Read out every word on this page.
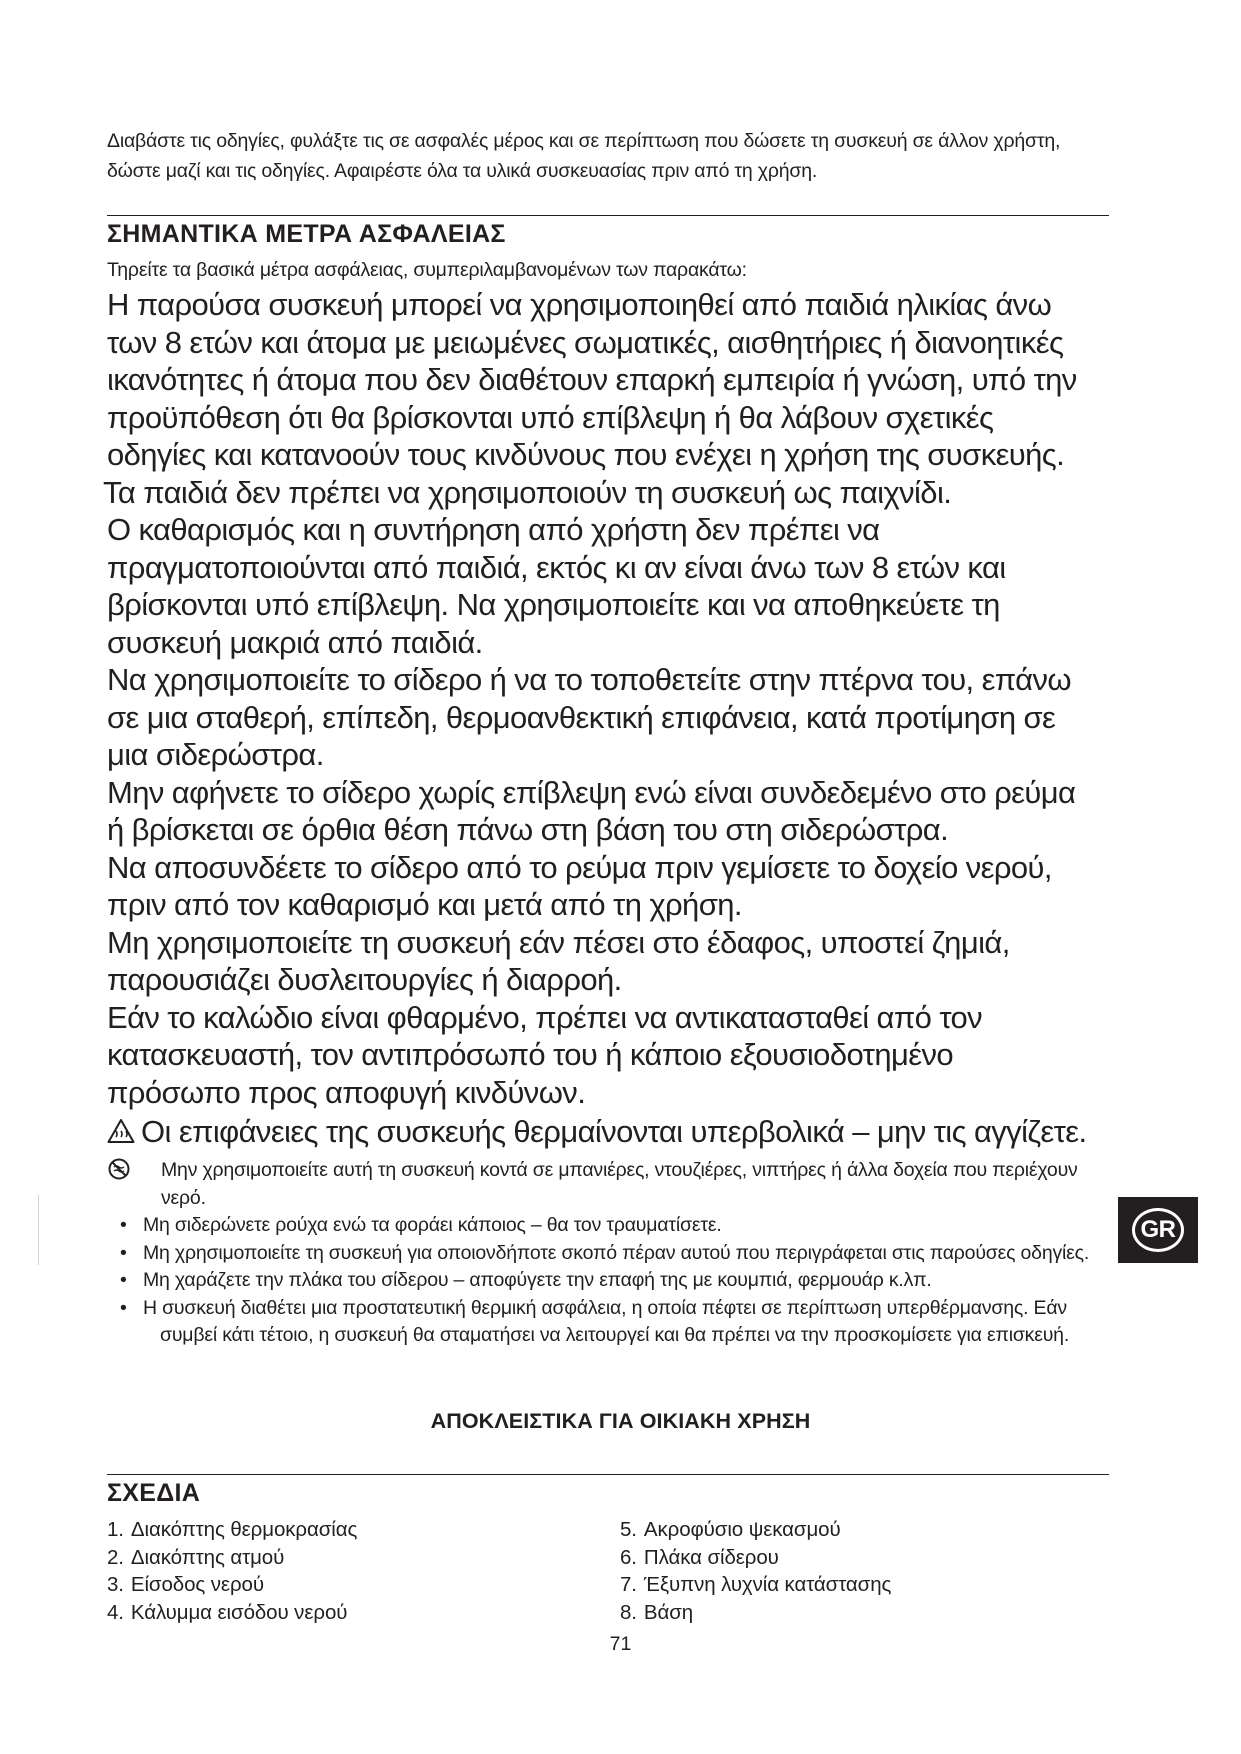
Διαβάστε τις οδηγίες, φυλάξτε τις σε ασφαλές μέρος και σε περίπτωση που δώσετε τη συσκευή σε άλλον χρήστη, δώστε μαζί και τις οδηγίες. Αφαιρέστε όλα τα υλικά συσκευασίας πριν από τη χρήση.
ΣΗΜΑΝΤΙΚΑ ΜΕΤΡΑ ΑΣΦΑΛΕΙΑΣ
Τηρείτε τα βασικά μέτρα ασφάλειας, συμπεριλαμβανομένων των παρακάτω:
Η παρούσα συσκευή μπορεί να χρησιμοποιηθεί από παιδιά ηλικίας άνω
των 8 ετών και άτομα με μειωμένες σωματικές, αισθητήριες ή διανοητικές
ικανότητες ή άτομα που δεν διαθέτουν επαρκή εμπειρία ή γνώση, υπό την
προϋπόθεση ότι θα βρίσκονται υπό επίβλεψη ή θα λάβουν σχετικές
οδηγίες και κατανοούν τους κινδύνους που ενέχει η χρήση της συσκευής.
Τα παιδιά δεν πρέπει να χρησιμοποιούν τη συσκευή ως παιχνίδι.
Ο καθαρισμός και η συντήρηση από χρήστη δεν πρέπει να
πραγματοποιούνται από παιδιά, εκτός κι αν είναι άνω των 8 ετών και
βρίσκονται υπό επίβλεψη. Να χρησιμοποιείτε και να αποθηκεύετε τη
συσκευή μακριά από παιδιά.
Να χρησιμοποιείτε το σίδερο ή να το τοποθετείτε στην πτέρνα του, επάνω
σε μια σταθερή, επίπεδη, θερμοανθεκτική επιφάνεια, κατά προτίμηση σε
μια σιδερώστρα.
Μην αφήνετε το σίδερο χωρίς επίβλεψη ενώ είναι συνδεδεμένο στο ρεύμα
ή βρίσκεται σε όρθια θέση πάνω στη βάση του στη σιδερώστρα.
Να αποσυνδέετε το σίδερο από το ρεύμα πριν γεμίσετε το δοχείο νερού,
πριν από τον καθαρισμό και μετά από τη χρήση.
Μη χρησιμοποιείτε τη συσκευή εάν πέσει στο έδαφος, υποστεί ζημιά,
παρουσιάζει δυσλειτουργίες ή διαρροή.
Εάν το καλώδιο είναι φθαρμένο, πρέπει να αντικατασταθεί από τον
κατασκευαστή, τον αντιπρόσωπό του ή κάποιο εξουσιοδοτημένο
πρόσωπο προς αποφυγή κινδύνων.
Οι επιφάνειες της συσκευής θερμαίνονται υπερβολικά – μην τις αγγίζετε.
Μην χρησιμοποιείτε αυτή τη συσκευή κοντά σε μπανιέρες, ντουζιέρες, νιπτήρες ή άλλα δοχεία που περιέχουν νερό.
• Μη σιδερώνετε ρούχα ενώ τα φοράει κάποιος – θα τον τραυματίσετε.
• Μη χρησιμοποιείτε τη συσκευή για οποιονδήποτε σκοπό πέραν αυτού που περιγράφεται στις παρούσες οδηγίες.
• Μη χαράζετε την πλάκα του σίδερου – αποφύγετε την επαφή της με κουμπιά, φερμουάρ κ.λπ.
• Η συσκευή διαθέτει μια προστατευτική θερμική ασφάλεια, η οποία πέφτει σε περίπτωση υπερθέρμανσης. Εάν συμβεί κάτι τέτοιο, η συσκευή θα σταματήσει να λειτουργεί και θα πρέπει να την προσκομίσετε για επισκευή.
ΑΠΟΚΛΕΙΣΤΙΚΑ ΓΙΑ ΟΙΚΙΑΚΗ ΧΡΗΣΗ
ΣΧΕΔΙΑ
1. Διακόπτης θερμοκρασίας
2. Διακόπτης ατμού
3. Είσοδος νερού
4. Κάλυμμα εισόδου νερού
5. Ακροφύσιο ψεκασμού
6. Πλάκα σίδερου
7. Έξυπνη λυχνία κατάστασης
8. Βάση
71
GR
